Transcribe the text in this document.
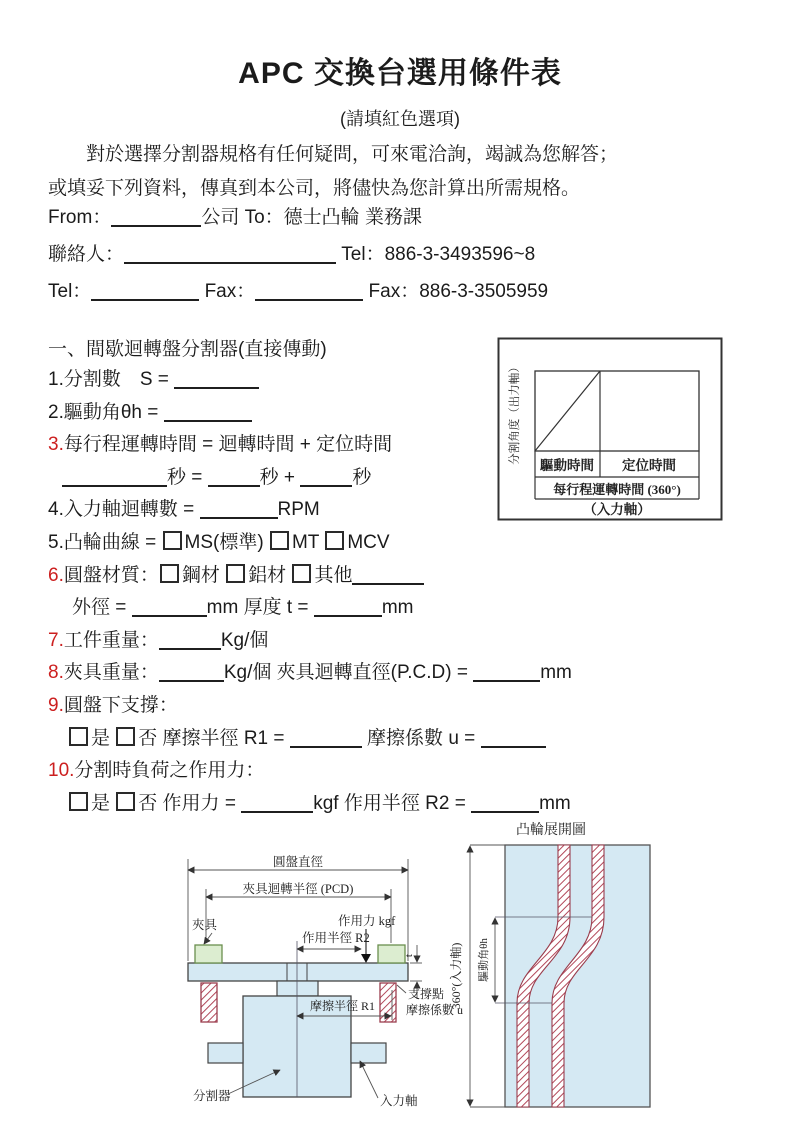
APC 交換台選用條件表
(請填紅色選項)
對於選擇分割器規格有任何疑問，可來電洽詢，竭誠為您解答；
或填妥下列資料，傳真到本公司，將儘快為您計算出所需規格。
From：	公司 To：德士凸輪 業務課
聯絡人：	Tel：886-3-3493596~8
Tel：	Fax：	Fax：886-3-3505959
一、間歇迴轉盤分割器(直接傳動)
1.分割數　S =
2.驅動角θh =
3.每行程運轉時間 = 迴轉時間 + 定位時間
秒 =	秒 +	秒
4.入力軸迴轉數 =	RPM
5.凸輪曲線 = MS(標準) MT MCV
6.圓盤材質： 鋼材 鋁材 其他
外徑 =	mm 厚度 t =	mm
7.工件重量：	Kg/個
8.夾具重量：	Kg/個 夾具迴轉直徑(P.C.D) =	mm
9.圓盤下支撐：
是 否 摩擦半徑 R1 =	摩擦係數 u =
10.分割時負荷之作用力：
是 否 作用力 =	kgf 作用半徑 R2 =	mm
分割角度（出力軸）
驅動時間 定位時間
每行程運轉時間 (360°)
（入力軸）
圓盤直徑
夾具迴轉半徑 (PCD)
夾具	作用力 kgf
作用半徑 R2
t
摩擦半徑 R1
支撐點
摩擦係數 u
分割器	入力軸
凸輪展開圖
驅動角θh
360°(入力軸)
